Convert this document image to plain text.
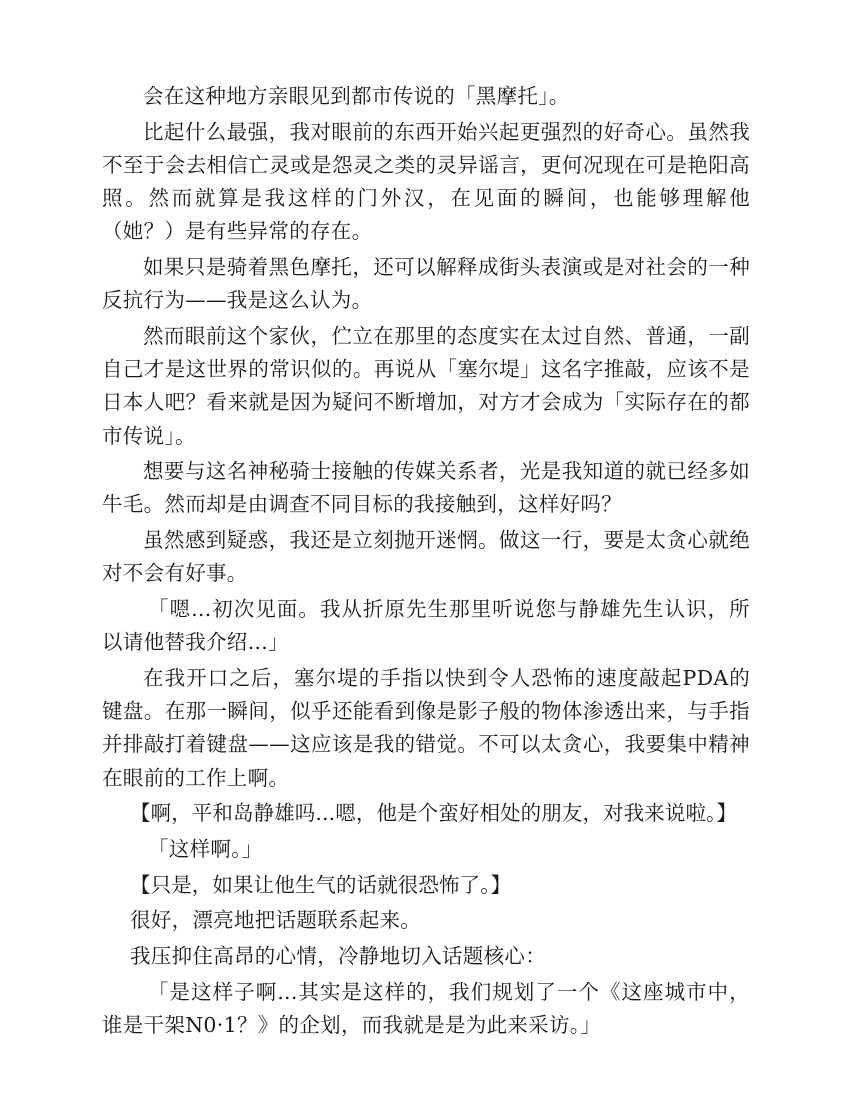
会在这种地方亲眼见到都市传说的「黑摩托」。

比起什么最强，我对眼前的东西开始兴起更强烈的好奇心。虽然我不至于会去相信亡灵或是怨灵之类的灵异谣言，更何况现在可是艳阳高照。然而就算是我这样的门外汉，在见面的瞬间，也能够理解他（她？）是有些异常的存在。

如果只是骑着黑色摩托，还可以解释成街头表演或是对社会的一种反抗行为——我是这么认为。

然而眼前这个家伙，伫立在那里的态度实在太过自然、普通，一副自己才是这世界的常识似的。再说从「塞尔堤」这名字推敲，应该不是日本人吧？看来就是因为疑问不断增加，对方才会成为「实际存在的都市传说」。

想要与这名神秘骑士接触的传媒关系者，光是我知道的就已经多如牛毛。然而却是由调查不同目标的我接触到，这样好吗？

虽然感到疑惑，我还是立刻抛开迷惘。做这一行，要是太贪心就绝对不会有好事。

「嗯...初次见面。我从折原先生那里听说您与静雄先生认识，所以请他替我介绍...」

在我开口之后，塞尔堤的手指以快到令人恐怖的速度敲起PDA的键盘。在那一瞬间，似乎还能看到像是影子般的物体渗透出来，与手指并排敲打着键盘——这应该是我的错觉。不可以太贪心，我要集中精神在眼前的工作上啊。

【啊，平和岛静雄吗...嗯，他是个蛮好相处的朋友，对我来说啦。】

「这样啊。」

【只是，如果让他生气的话就很恐怖了。】

很好，漂亮地把话题联系起来。

我压抑住高昂的心情，冷静地切入话题核心：

「是这样子啊...其实是这样的，我们规划了一个《这座城市中，谁是干架N0·1？》的企划，而我就是是为此来采访。」
